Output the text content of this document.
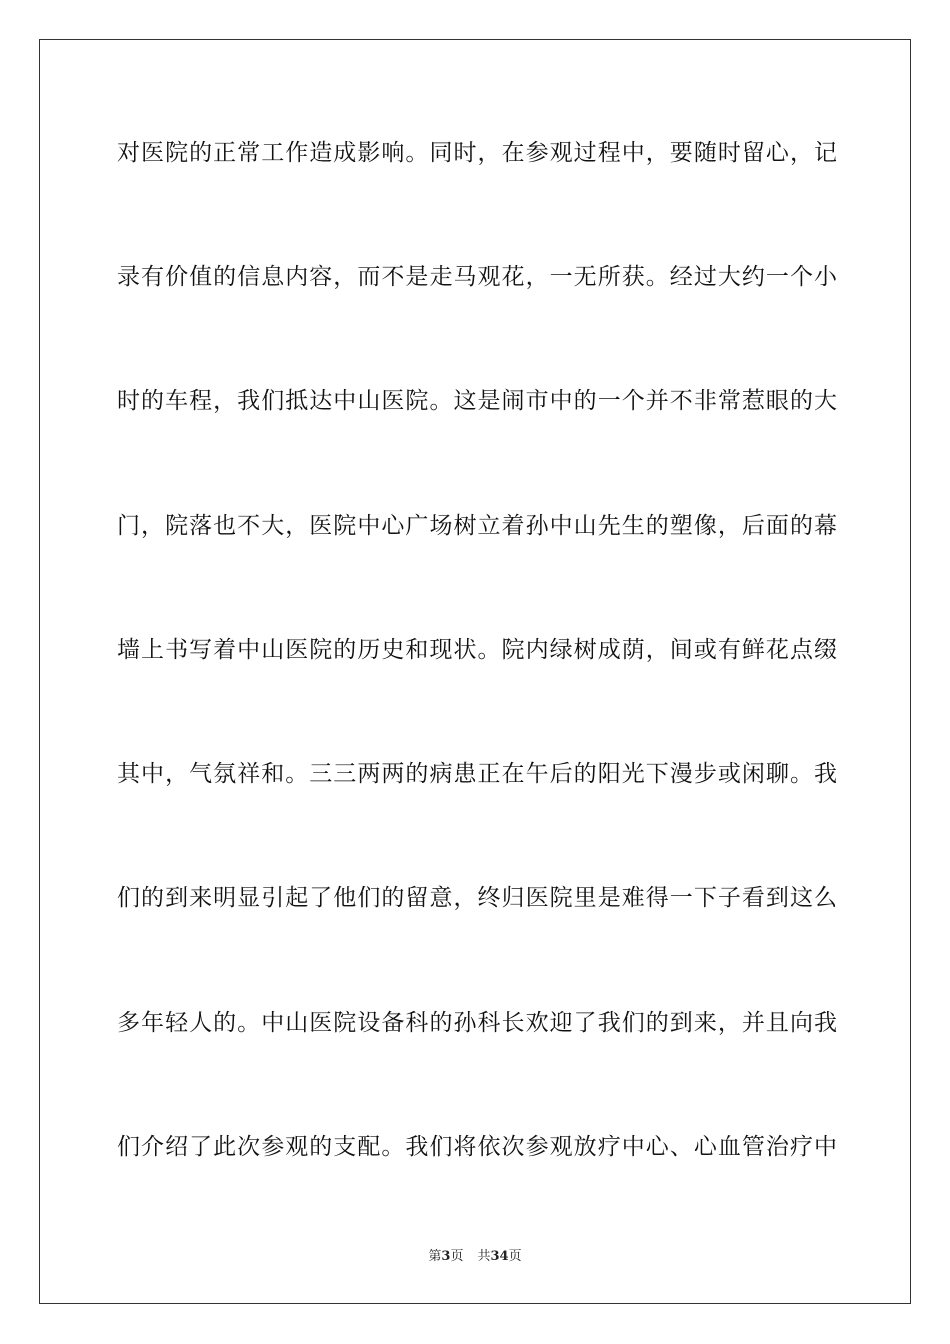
对医院的正常工作造成影响。同时，在参观过程中，要随时留心，记

录有价值的信息内容，而不是走马观花，一无所获。经过大约一个小

时的车程，我们抵达中山医院。这是闹市中的一个并不非常惹眼的大

门，院落也不大，医院中心广场树立着孙中山先生的塑像，后面的幕

墙上书写着中山医院的历史和现状。院内绿树成荫，间或有鲜花点缀

其中，气氛祥和。三三两两的病患正在午后的阳光下漫步或闲聊。我

们的到来明显引起了他们的留意，终归医院里是难得一下子看到这么

多年轻人的。中山医院设备科的孙科长欢迎了我们的到来，并且向我

们介绍了此次参观的支配。我们将依次参观放疗中心、心血管治疗中

第3页 共34页
